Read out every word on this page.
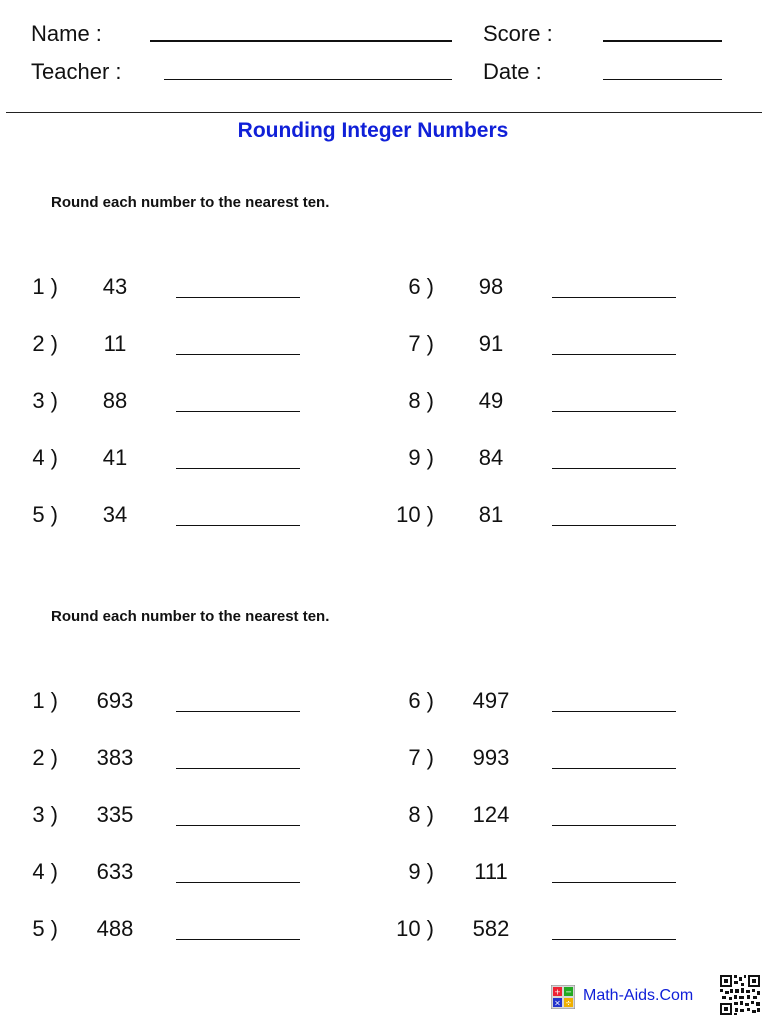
Name :
Teacher :
Score :
Date :
Rounding Integer Numbers
Round each number to the nearest ten.
1 )	43
2 )	11
3 )	88
4 )	41
5 )	34
6 )	98
7 )	91
8 )	49
9 )	84
10 )	81
Round each number to the nearest ten.
1 )	693
2 )	383
3 )	335
4 )	633
5 )	488
6 )	497
7 )	993
8 )	124
9 )	111
10 )	582
+ −
× ÷ Math-Aids.Com
